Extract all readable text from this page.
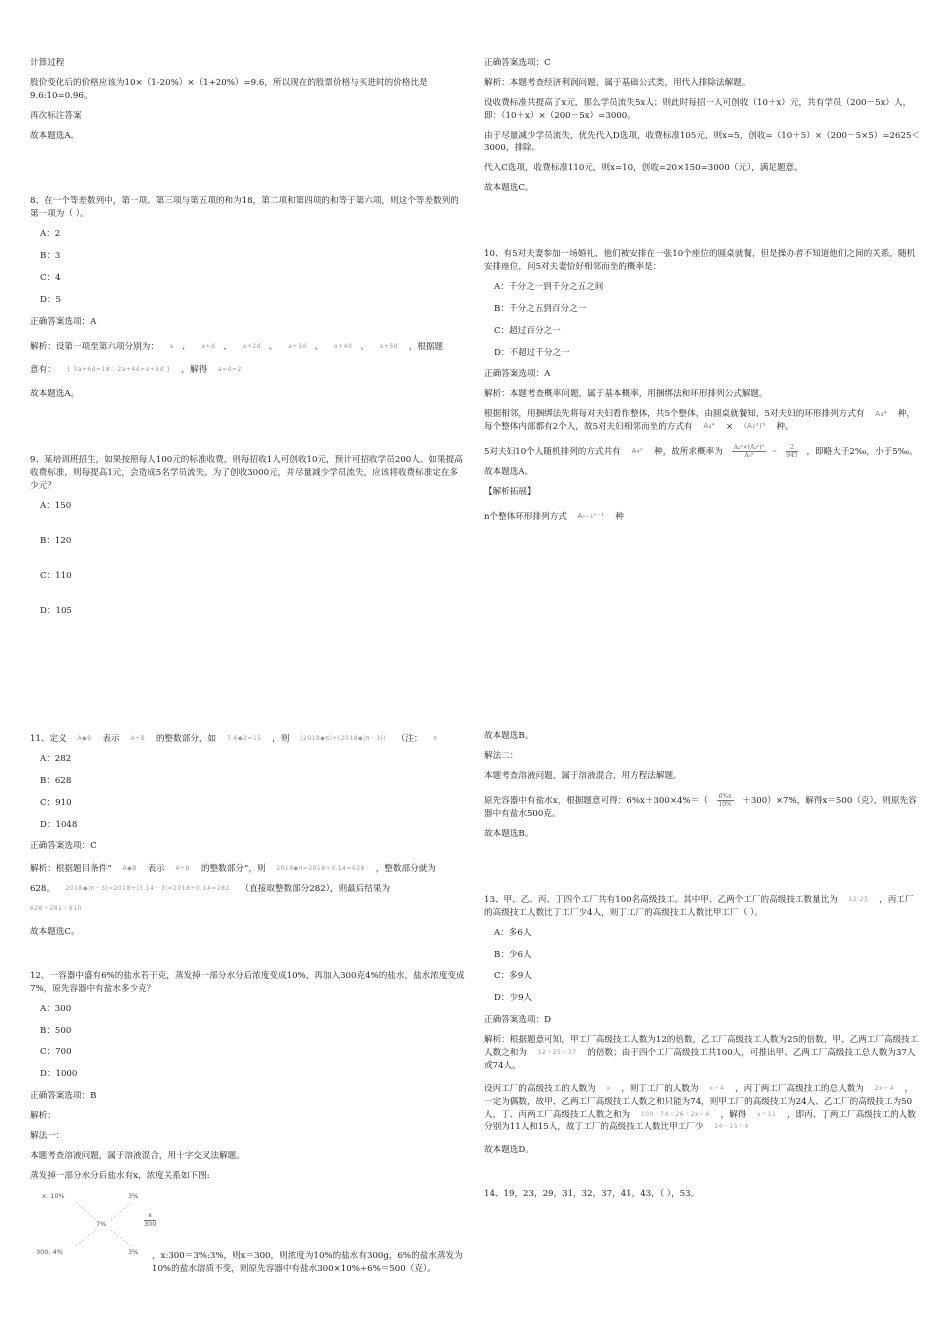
计算过程
股价变化后的价格应该为10×（1-20%）×（1+20%）=9.6，所以现在的股票价格与买进时的价格比是9.6:10=0.96。
再次标注答案
故本题选A。
8、在一个等差数列中，第一项、第三项与第五项的和为18，第二项和第四项的和等于第六项，则这个等差数列的第一项为（ ）。
A：2
B：3
C：4
D：5
正确答案选项：A
解析：设第一项至第六项分别为： a 、 a+d 、 a+2d 、 a+3d 、 a+4d 、 a+5d ，根据题
意有： { 3a+6d=18 ; 2a+4d=a+5d } ，解得 a=d=2
故本题选A。
9、某培训班招生，如果按照每人100元的标准收费，则每招收1人可创收10元，预计可招收学员200人。如果提高收费标准，则每提高1元，会造成5名学员流失。为了创收3000元，并尽量减少学员流失，应该将收费标准定在多少元？
A：150
B：120
C：110
D：105
正确答案选项：C
解析：本题考查经济利润问题，属于基础公式类，用代入排除法解题。
设收费标准共提高了x元，那么学员流失5x人；则此时每招一人可创收（10＋x）元，共有学员（200－5x）人，即：（10＋x）×（200－5x）=3000。
由于尽量减少学员流失，优先代入D选项，收费标准105元，则x=5，创收=（10＋5）×（200－5×5）=2625＜3000，排除。
代入C选项，收费标准110元，则x=10，创收=20×150=3000（元），满足题意。
故本题选C。
10、有5对夫妻参加一场婚礼，他们被安排在一张10个座位的圆桌就餐，但是操办者不知道他们之间的关系，随机安排座位，问5对夫妻恰好相邻而坐的概率是：
A：千分之一到千分之五之间
B：千分之五到百分之一
C：超过百分之一
D：不超过千分之一
正确答案选项：A
解析：本题考查概率问题，属于基本概率，用捆绑法和环形排列公式解题。
根据相邻，用捆绑法先将每对夫妇看作整体，共5个整体，由圆桌就餐知，5对夫妇的环形排列方式有 A₄⁴ 种，每个整体内部都有2个人，故5对夫妇相邻而坐的方式有 A₄⁴ × (A₂²)⁵ 种。
5对夫妇10个人随机排列的方式共有 A₉⁹ 种，故所求概率为 $\frac{\text{A₄⁴×(A₂²)⁵}}{\text{A₉⁹}} = \frac{2}{945}$ ，即略大于2‰，小于5‰。
故本题选A。
【解析拓展】
n个整体环形排列方式 Aₙ₋₁ⁿ⁻¹ 种
11、定义 A◆B 表示 A÷B 的整数部分，如 7.6◆2=15 ，则 (2018◆π)+(2018◆|π－3|) （注： π
A：282
B：628
C：910
D：1048
正确答案选项：C
解析：根据题目条件“ A◆B 表示 A÷B 的整数部分”，则 2018◆π=2018÷3.14=628 ，整数部分就为
628。 2018◆|π－3|=2018÷|3.14－3|=2018÷0.14=282 （直接取整数部分282），则最后结果为
628＋282＝910
故本题选C。
12、一容器中盛有6%的盐水若干克，蒸发掉一部分水分后浓度变成10%，再加入300克4%的盐水，盐水浓度变成7%，原先容器中有盐水多少克？
A：300
B：500
C：700
D：1000
正确答案选项：B
解析：
解法一：
本题考查溶液问题，属于溶液混合，用十字交叉法解题。
蒸发掉一部分水分后盐水有x，浓度关系如下图:
x: 10%	3%
7%	$\frac{x}{300}$
300: 4%	3%	，x:300＝3%:3%，则x＝300，则浓度为10%的盐水有300g，6%的盐水蒸发为10%的盐水溶质不变，则原先容器中有盐水300×10%÷6%＝500（克）。
故本题选B。
解法二：
本题考查溶液问题，属于溶液混合，用方程法解题。
原先容器中有盐水x，根据题意可得：$6\%x+300\times 4\%=( \frac{6\%x}{10\%} +300)\times 7\%$，解得x＝500（克），则原先容器中有盐水500克。
故本题选B。
13、甲、乙、丙、丁四个工厂共有100名高级技工。其中甲、乙两个工厂的高级技工数量比为 12:25 ，丙工厂的高级技工人数比丁工厂少4人，则丁工厂的高级技工人数比甲工厂（ ）。
A：多6人
B：少6人
C：多9人
D：少9人
正确答案选项：D
解析：根据题意可知，甲工厂高级技工人数为12的倍数，乙工厂高级技工人数为25的倍数，甲、乙两工厂高级技工人数之和为 12＋25＝37 的倍数；由于四个工厂高级技工共100人，可推出甲、乙两工厂高级技工总人数为37人或74人。
设丙工厂的高级技工的人数为 x ，则丁工厂的人数为 x＋4 ，丙丁两工厂高级技工的总人数为 2x＋4 ，一定为偶数，故甲、乙两工厂高级技工人数之和只能为74，则甲工厂的高级技工为24人、乙工厂的高级技工为50人，丁、丙两工厂高级技工人数之和为 100－74＝26＝2x＋4 ，解得 x＝11 ，即丙、丁两工厂高级技工的人数分别为11人和15人，故丁工厂的高级技工人数比甲工厂少 24－15＝9
故本题选D。
14、19，23，29，31，32，37，41，43，（ ），53。
